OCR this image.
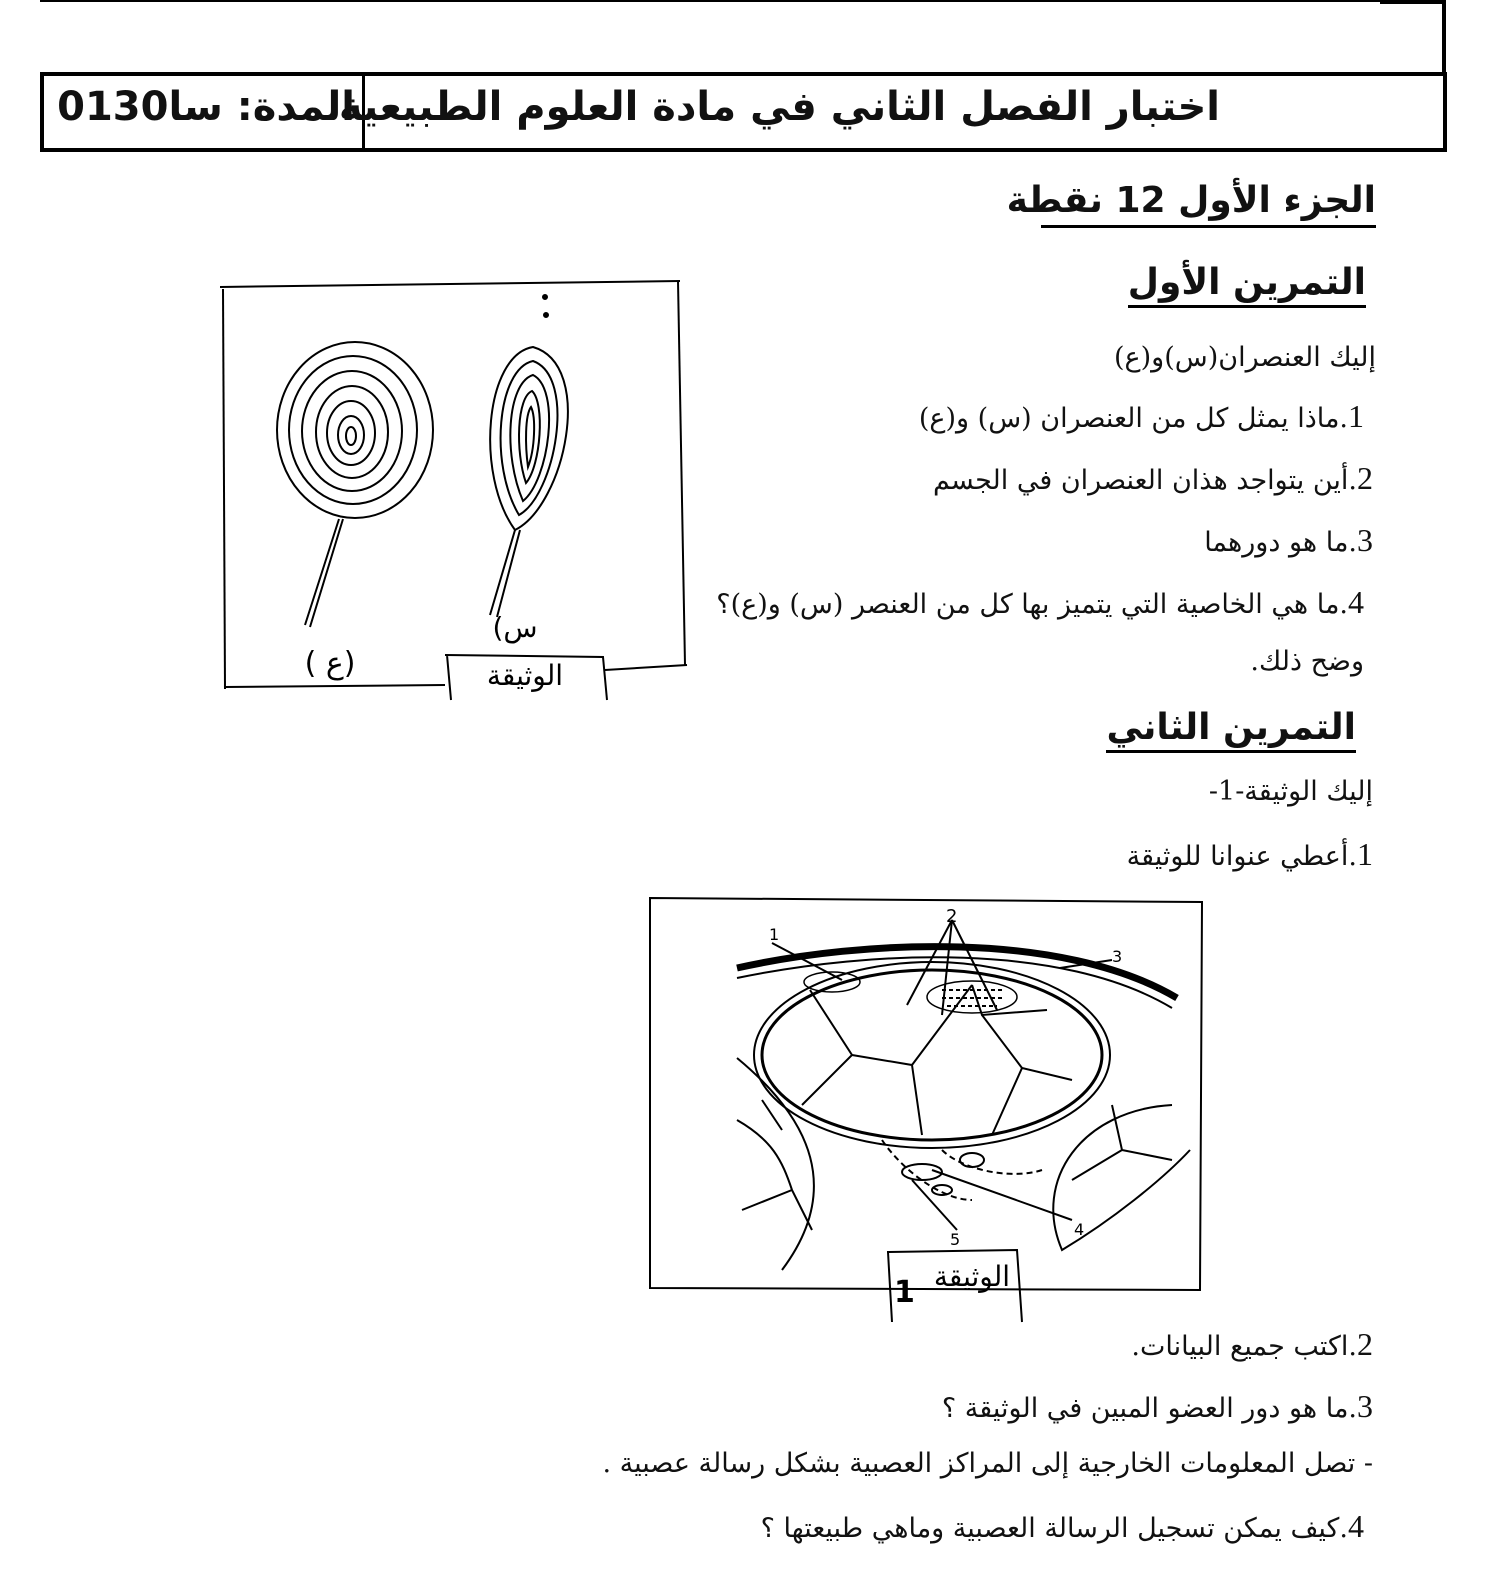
اختبار الفصل الثاني في مادة العلوم الطبيعية
المدة: 01سا30
الجزء الأول 12 نقطة
التمرين الأول
إليك العنصران(س)و(ع)
1.ماذا يمثل كل من العنصران (س) و(ع)
2.أين يتواجد هذان العنصران في الجسم
3.ما هو دورهما
4.ما هي الخاصية التي يتميز بها كل من العنصر (س) و(ع)؟
وضح ذلك.
( ع)
(س
الوثيقة
التمرين الثاني
إليك الوثيقة-1-
1.أعطي عنوانا للوثيقة
1
2
3
4
5
الوثيقة
1
2.اكتب جميع البيانات.
3.ما هو دور العضو المبين في الوثيقة ؟
- تصل المعلومات الخارجية إلى المراكز العصبية بشكل رسالة عصبية .
4.كيف يمكن تسجيل الرسالة العصبية وماهي طبيعتها ؟
